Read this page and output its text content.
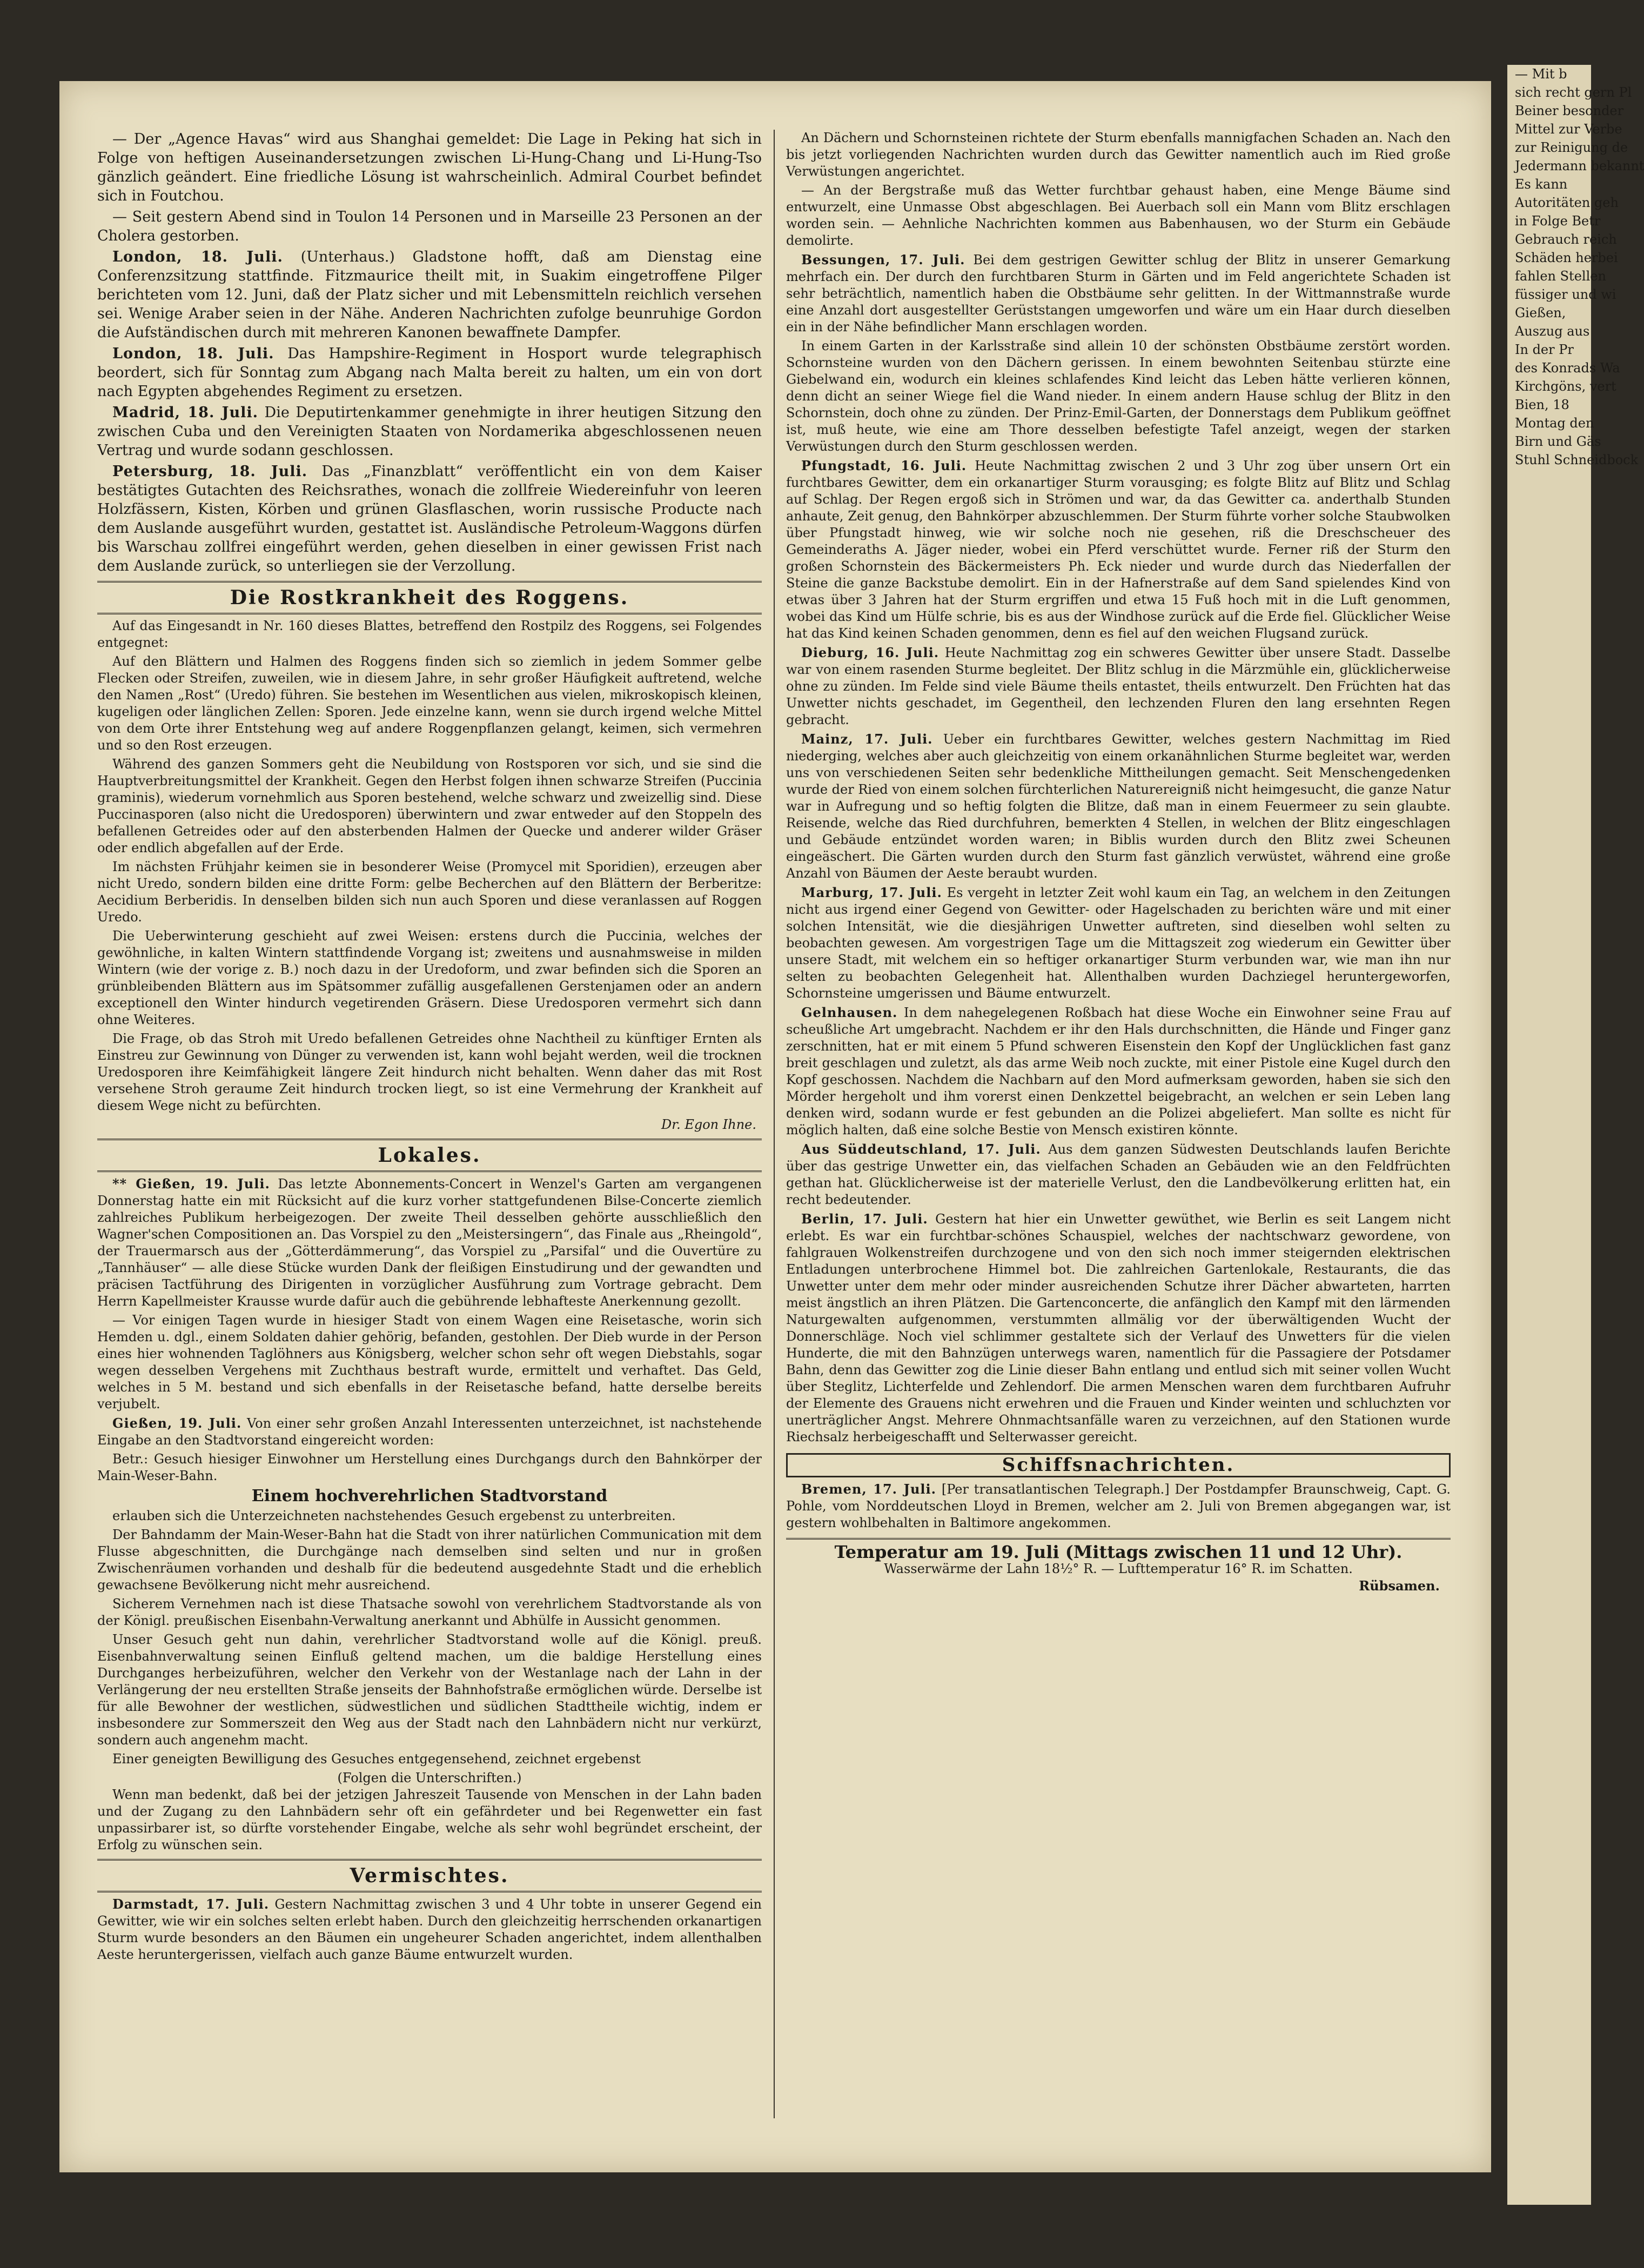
— Der „Agence Havas“ wird aus Shanghai gemeldet: Die Lage in Peking hat sich in Folge von heftigen Auseinandersetzungen zwischen Li-Hung-Chang und Li-Hung-Tso gänzlich geändert. Eine friedliche Lösung ist wahrscheinlich. Admiral Courbet befindet sich in Foutchou.

— Seit gestern Abend sind in Toulon 14 Personen und in Marseille 23 Personen an der Cholera gestorben.

London, 18. Juli. (Unterhaus.) Gladstone hofft, daß am Dienstag eine Conferenzsitzung stattfinde. Fitzmaurice theilt mit, in Suakim eingetroffene Pilger berichteten vom 12. Juni, daß der Platz sicher und mit Lebensmitteln reichlich versehen sei. Wenige Araber seien in der Nähe. Anderen Nachrichten zufolge beunruhige Gordon die Aufständischen durch mit mehreren Kanonen bewaffnete Dampfer.

London, 18. Juli. Das Hampshire-Regiment in Hosport wurde telegraphisch beordert, sich für Sonntag zum Abgang nach Malta bereit zu halten, um ein von dort nach Egypten abgehendes Regiment zu ersetzen.

Madrid, 18. Juli. Die Deputirtenkammer genehmigte in ihrer heutigen Sitzung den zwischen Cuba und den Vereinigten Staaten von Nordamerika abgeschlossenen neuen Vertrag und wurde sodann geschlossen.

Petersburg, 18. Juli. Das „Finanzblatt“ veröffentlicht ein von dem Kaiser bestätigtes Gutachten des Reichsrathes, wonach die zollfreie Wiedereinfuhr von leeren Holzfässern, Kisten, Körben und grünen Glasflaschen, worin russische Producte nach dem Auslande ausgeführt wurden, gestattet ist. Ausländische Petroleum-Waggons dürfen bis Warschau zollfrei eingeführt werden, gehen dieselben in einer gewissen Frist nach dem Auslande zurück, so unterliegen sie der Verzollung.

Die Rostkrankheit des Roggens.

Auf das Eingesandt in Nr. 160 dieses Blattes, betreffend den Rostpilz des Roggens, sei Folgendes entgegnet:

Auf den Blättern und Halmen des Roggens finden sich so ziemlich in jedem Sommer gelbe Flecken oder Streifen, zuweilen, wie in diesem Jahre, in sehr großer Häufigkeit auftretend, welche den Namen „Rost“ (Uredo) führen. Sie bestehen im Wesentlichen aus vielen, mikroskopisch kleinen, kugeligen oder länglichen Zellen: Sporen. Jede einzelne kann, wenn sie durch irgend welche Mittel von dem Orte ihrer Entstehung weg auf andere Roggenpflanzen gelangt, keimen, sich vermehren und so den Rost erzeugen.

Während des ganzen Sommers geht die Neubildung von Rostsporen vor sich, und sie sind die Hauptverbreitungsmittel der Krankheit. Gegen den Herbst folgen ihnen schwarze Streifen (Puccinia graminis), wiederum vornehmlich aus Sporen bestehend, welche schwarz und zweizellig sind. Diese Puccinasporen (also nicht die Uredosporen) überwintern und zwar entweder auf den Stoppeln des befallenen Getreides oder auf den absterbenden Halmen der Quecke und anderer wilder Gräser oder endlich abgefallen auf der Erde.

Im nächsten Frühjahr keimen sie in besonderer Weise (Promycel mit Sporidien), erzeugen aber nicht Uredo, sondern bilden eine dritte Form: gelbe Becherchen auf den Blättern der Berberitze: Aecidium Berberidis. In denselben bilden sich nun auch Sporen und diese veranlassen auf Roggen Uredo.

Die Ueberwinterung geschieht auf zwei Weisen: erstens durch die Puccinia, welches der gewöhnliche, in kalten Wintern stattfindende Vorgang ist; zweitens und ausnahmsweise in milden Wintern (wie der vorige z. B.) noch dazu in der Uredoform, und zwar befinden sich die Sporen an grünbleibenden Blättern aus im Spätsommer zufällig ausgefallenen Gerstenjamen oder an andern exceptionell den Winter hindurch vegetirenden Gräsern. Diese Uredosporen vermehrt sich dann ohne Weiteres.

Die Frage, ob das Stroh mit Uredo befallenen Getreides ohne Nachtheil zu künftiger Ernten als Einstreu zur Gewinnung von Dünger zu verwenden ist, kann wohl bejaht werden, weil die trocknen Uredosporen ihre Keimfähigkeit längere Zeit hindurch nicht behalten. Wenn daher das mit Rost versehene Stroh geraume Zeit hindurch trocken liegt, so ist eine Vermehrung der Krankheit auf diesem Wege nicht zu befürchten.

Dr. Egon Ihne.
Lokales.

** Gießen, 19. Juli. Das letzte Abonnements-Concert in Wenzel's Garten am vergangenen Donnerstag hatte ein mit Rücksicht auf die kurz vorher stattgefundenen Bilse-Concerte ziemlich zahlreiches Publikum herbeigezogen. Der zweite Theil desselben gehörte ausschließlich den Wagner'schen Compositionen an. Das Vorspiel zu den „Meistersingern“, das Finale aus „Rheingold“, der Trauermarsch aus der „Götterdämmerung“, das Vorspiel zu „Parsifal“ und die Ouvertüre zu „Tannhäuser“ — alle diese Stücke wurden Dank der fleißigen Einstudirung und der gewandten und präcisen Tactführung des Dirigenten in vorzüglicher Ausführung zum Vortrage gebracht. Dem Herrn Kapellmeister Krausse wurde dafür auch die gebührende lebhafteste Anerkennung gezollt.

— Vor einigen Tagen wurde in hiesiger Stadt von einem Wagen eine Reisetasche, worin sich Hemden u. dgl., einem Soldaten dahier gehörig, befanden, gestohlen. Der Dieb wurde in der Person eines hier wohnenden Taglöhners aus Königsberg, welcher schon sehr oft wegen Diebstahls, sogar wegen desselben Vergehens mit Zuchthaus bestraft wurde, ermittelt und verhaftet. Das Geld, welches in 5 M. bestand und sich ebenfalls in der Reisetasche befand, hatte derselbe bereits verjubelt.

Gießen, 19. Juli. Von einer sehr großen Anzahl Interessenten unterzeichnet, ist nachstehende Eingabe an den Stadtvorstand eingereicht worden:

Betr.: Gesuch hiesiger Einwohner um Herstellung eines Durchgangs durch den Bahnkörper der Main-Weser-Bahn.

Einem hochverehrlichen Stadtvorstand

erlauben sich die Unterzeichneten nachstehendes Gesuch ergebenst zu unterbreiten.

Der Bahndamm der Main-Weser-Bahn hat die Stadt von ihrer natürlichen Communication mit dem Flusse abgeschnitten, die Durchgänge nach demselben sind selten und nur in großen Zwischenräumen vorhanden und deshalb für die bedeutend ausgedehnte Stadt und die erheblich gewachsene Bevölkerung nicht mehr ausreichend.

Sicherem Vernehmen nach ist diese Thatsache sowohl von verehrlichem Stadtvorstande als von der Königl. preußischen Eisenbahn-Verwaltung anerkannt und Abhülfe in Aussicht genommen.

Unser Gesuch geht nun dahin, verehrlicher Stadtvorstand wolle auf die Königl. preuß. Eisenbahnverwaltung seinen Einfluß geltend machen, um die baldige Herstellung eines Durchganges herbeizuführen, welcher den Verkehr von der Westanlage nach der Lahn in der Verlängerung der neu erstellten Straße jenseits der Bahnhofstraße ermöglichen würde. Derselbe ist für alle Bewohner der westlichen, südwestlichen und südlichen Stadttheile wichtig, indem er insbesondere zur Sommerszeit den Weg aus der Stadt nach den Lahnbädern nicht nur verkürzt, sondern auch angenehm macht.

Einer geneigten Bewilligung des Gesuches entgegensehend, zeichnet ergebenst

(Folgen die Unterschriften.)

Wenn man bedenkt, daß bei der jetzigen Jahreszeit Tausende von Menschen in der Lahn baden und der Zugang zu den Lahnbädern sehr oft ein gefährdeter und bei Regenwetter ein fast unpassirbarer ist, so dürfte vorstehender Eingabe, welche als sehr wohl begründet erscheint, der Erfolg zu wünschen sein.

Vermischtes.

Darmstadt, 17. Juli. Gestern Nachmittag zwischen 3 und 4 Uhr tobte in unserer Gegend ein Gewitter, wie wir ein solches selten erlebt haben. Durch den gleichzeitig herrschenden orkanartigen Sturm wurde besonders an den Bäumen ein ungeheurer Schaden angerichtet, indem allenthalben Aeste heruntergerissen, vielfach auch ganze Bäume entwurzelt wurden.

An Dächern und Schornsteinen richtete der Sturm ebenfalls mannigfachen Schaden an. Nach den bis jetzt vorliegenden Nachrichten wurden durch das Gewitter namentlich auch im Ried große Verwüstungen angerichtet.

— An der Bergstraße muß das Wetter furchtbar gehaust haben, eine Menge Bäume sind entwurzelt, eine Unmasse Obst abgeschlagen. Bei Auerbach soll ein Mann vom Blitz erschlagen worden sein. — Aehnliche Nachrichten kommen aus Babenhausen, wo der Sturm ein Gebäude demolirte.

Bessungen, 17. Juli. Bei dem gestrigen Gewitter schlug der Blitz in unserer Gemarkung mehrfach ein. Der durch den furchtbaren Sturm in Gärten und im Feld angerichtete Schaden ist sehr beträchtlich, namentlich haben die Obstbäume sehr gelitten. In der Wittmannstraße wurde eine Anzahl dort ausgestellter Gerüststangen umgeworfen und wäre um ein Haar durch dieselben ein in der Nähe befindlicher Mann erschlagen worden.

In einem Garten in der Karlsstraße sind allein 10 der schönsten Obstbäume zerstört worden. Schornsteine wurden von den Dächern gerissen. In einem bewohnten Seitenbau stürzte eine Giebelwand ein, wodurch ein kleines schlafendes Kind leicht das Leben hätte verlieren können, denn dicht an seiner Wiege fiel die Wand nieder. In einem andern Hause schlug der Blitz in den Schornstein, doch ohne zu zünden. Der Prinz-Emil-Garten, der Donnerstags dem Publikum geöffnet ist, muß heute, wie eine am Thore desselben befestigte Tafel anzeigt, wegen der starken Verwüstungen durch den Sturm geschlossen werden.

Pfungstadt, 16. Juli. Heute Nachmittag zwischen 2 und 3 Uhr zog über unsern Ort ein furchtbares Gewitter, dem ein orkanartiger Sturm vorausging; es folgte Blitz auf Blitz und Schlag auf Schlag. Der Regen ergoß sich in Strömen und war, da das Gewitter ca. anderthalb Stunden anhaute, Zeit genug, den Bahnkörper abzuschlemmen. Der Sturm führte vorher solche Staubwolken über Pfungstadt hinweg, wie wir solche noch nie gesehen, riß die Dreschscheuer des Gemeinderaths A. Jäger nieder, wobei ein Pferd verschüttet wurde. Ferner riß der Sturm den großen Schornstein des Bäckermeisters Ph. Eck nieder und wurde durch das Niederfallen der Steine die ganze Backstube demolirt. Ein in der Hafnerstraße auf dem Sand spielendes Kind von etwas über 3 Jahren hat der Sturm ergriffen und etwa 15 Fuß hoch mit in die Luft genommen, wobei das Kind um Hülfe schrie, bis es aus der Windhose zurück auf die Erde fiel. Glücklicher Weise hat das Kind keinen Schaden genommen, denn es fiel auf den weichen Flugsand zurück.

Dieburg, 16. Juli. Heute Nachmittag zog ein schweres Gewitter über unsere Stadt. Dasselbe war von einem rasenden Sturme begleitet. Der Blitz schlug in die Märzmühle ein, glücklicherweise ohne zu zünden. Im Felde sind viele Bäume theils entastet, theils entwurzelt. Den Früchten hat das Unwetter nichts geschadet, im Gegentheil, den lechzenden Fluren den lang ersehnten Regen gebracht.

Mainz, 17. Juli. Ueber ein furchtbares Gewitter, welches gestern Nachmittag im Ried niederging, welches aber auch gleichzeitig von einem orkanähnlichen Sturme begleitet war, werden uns von verschiedenen Seiten sehr bedenkliche Mittheilungen gemacht. Seit Menschengedenken wurde der Ried von einem solchen fürchterlichen Naturereigniß nicht heimgesucht, die ganze Natur war in Aufregung und so heftig folgten die Blitze, daß man in einem Feuermeer zu sein glaubte. Reisende, welche das Ried durchfuhren, bemerkten 4 Stellen, in welchen der Blitz eingeschlagen und Gebäude entzündet worden waren; in Biblis wurden durch den Blitz zwei Scheunen eingeäschert. Die Gärten wurden durch den Sturm fast gänzlich verwüstet, während eine große Anzahl von Bäumen der Aeste beraubt wurden.

Marburg, 17. Juli. Es vergeht in letzter Zeit wohl kaum ein Tag, an welchem in den Zeitungen nicht aus irgend einer Gegend von Gewitter- oder Hagelschaden zu berichten wäre und mit einer solchen Intensität, wie die diesjährigen Unwetter auftreten, sind dieselben wohl selten zu beobachten gewesen. Am vorgestrigen Tage um die Mittagszeit zog wiederum ein Gewitter über unsere Stadt, mit welchem ein so heftiger orkanartiger Sturm verbunden war, wie man ihn nur selten zu beobachten Gelegenheit hat. Allenthalben wurden Dachziegel heruntergeworfen, Schornsteine umgerissen und Bäume entwurzelt.

Gelnhausen. In dem nahegelegenen Roßbach hat diese Woche ein Einwohner seine Frau auf scheußliche Art umgebracht. Nachdem er ihr den Hals durchschnitten, die Hände und Finger ganz zerschnitten, hat er mit einem 5 Pfund schweren Eisenstein den Kopf der Unglücklichen fast ganz breit geschlagen und zuletzt, als das arme Weib noch zuckte, mit einer Pistole eine Kugel durch den Kopf geschossen. Nachdem die Nachbarn auf den Mord aufmerksam geworden, haben sie sich den Mörder hergeholt und ihm vorerst einen Denkzettel beigebracht, an welchen er sein Leben lang denken wird, sodann wurde er fest gebunden an die Polizei abgeliefert. Man sollte es nicht für möglich halten, daß eine solche Bestie von Mensch existiren könnte.

Aus Süddeutschland, 17. Juli. Aus dem ganzen Südwesten Deutschlands laufen Berichte über das gestrige Unwetter ein, das vielfachen Schaden an Gebäuden wie an den Feldfrüchten gethan hat. Glücklicherweise ist der materielle Verlust, den die Landbevölkerung erlitten hat, ein recht bedeutender.

Berlin, 17. Juli. Gestern hat hier ein Unwetter gewüthet, wie Berlin es seit Langem nicht erlebt. Es war ein furchtbar-schönes Schauspiel, welches der nachtschwarz gewordene, von fahlgrauen Wolkenstreifen durchzogene und von den sich noch immer steigernden elektrischen Entladungen unterbrochene Himmel bot. Die zahlreichen Gartenlokale, Restaurants, die das Unwetter unter dem mehr oder minder ausreichenden Schutze ihrer Dächer abwarteten, harrten meist ängstlich an ihren Plätzen. Die Gartenconcerte, die anfänglich den Kampf mit den lärmenden Naturgewalten aufgenommen, verstummten allmälig vor der überwältigenden Wucht der Donnerschläge. Noch viel schlimmer gestaltete sich der Verlauf des Unwetters für die vielen Hunderte, die mit den Bahnzügen unterwegs waren, namentlich für die Passagiere der Potsdamer Bahn, denn das Gewitter zog die Linie dieser Bahn entlang und entlud sich mit seiner vollen Wucht über Steglitz, Lichterfelde und Zehlendorf. Die armen Menschen waren dem furchtbaren Aufruhr der Elemente des Grauens nicht erwehren und die Frauen und Kinder weinten und schluchzten vor unerträglicher Angst. Mehrere Ohnmachtsanfälle waren zu verzeichnen, auf den Stationen wurde Riechsalz herbeigeschafft und Selterwasser gereicht.

Schiffsnachrichten.

Bremen, 17. Juli. [Per transatlantischen Telegraph.] Der Postdampfer Braunschweig, Capt. G. Pohle, vom Norddeutschen Lloyd in Bremen, welcher am 2. Juli von Bremen abgegangen war, ist gestern wohlbehalten in Baltimore angekommen.

Temperatur am 19. Juli (Mittags zwischen 11 und 12 Uhr).
Wasserwärme der Lahn 18½° R. — Lufttemperatur 16° R. im Schatten.
Rübsamen.
— Mit b
sich recht gern Pl
Beiner besonder
Mittel zur Verbe
zur Reinigung de
Jedermann bekannt
Es kann
Autoritäten geh
in Folge Betr
Gebrauch reich
Schäden herbei
fahlen Stellen
füssiger und wi
Gießen,
Auszug aus
In der Pr
des Konrads Wa
Kirchgöns, vert
Bien, 18
Montag den
Birn und Gäs
Stuhl Schneidbock
